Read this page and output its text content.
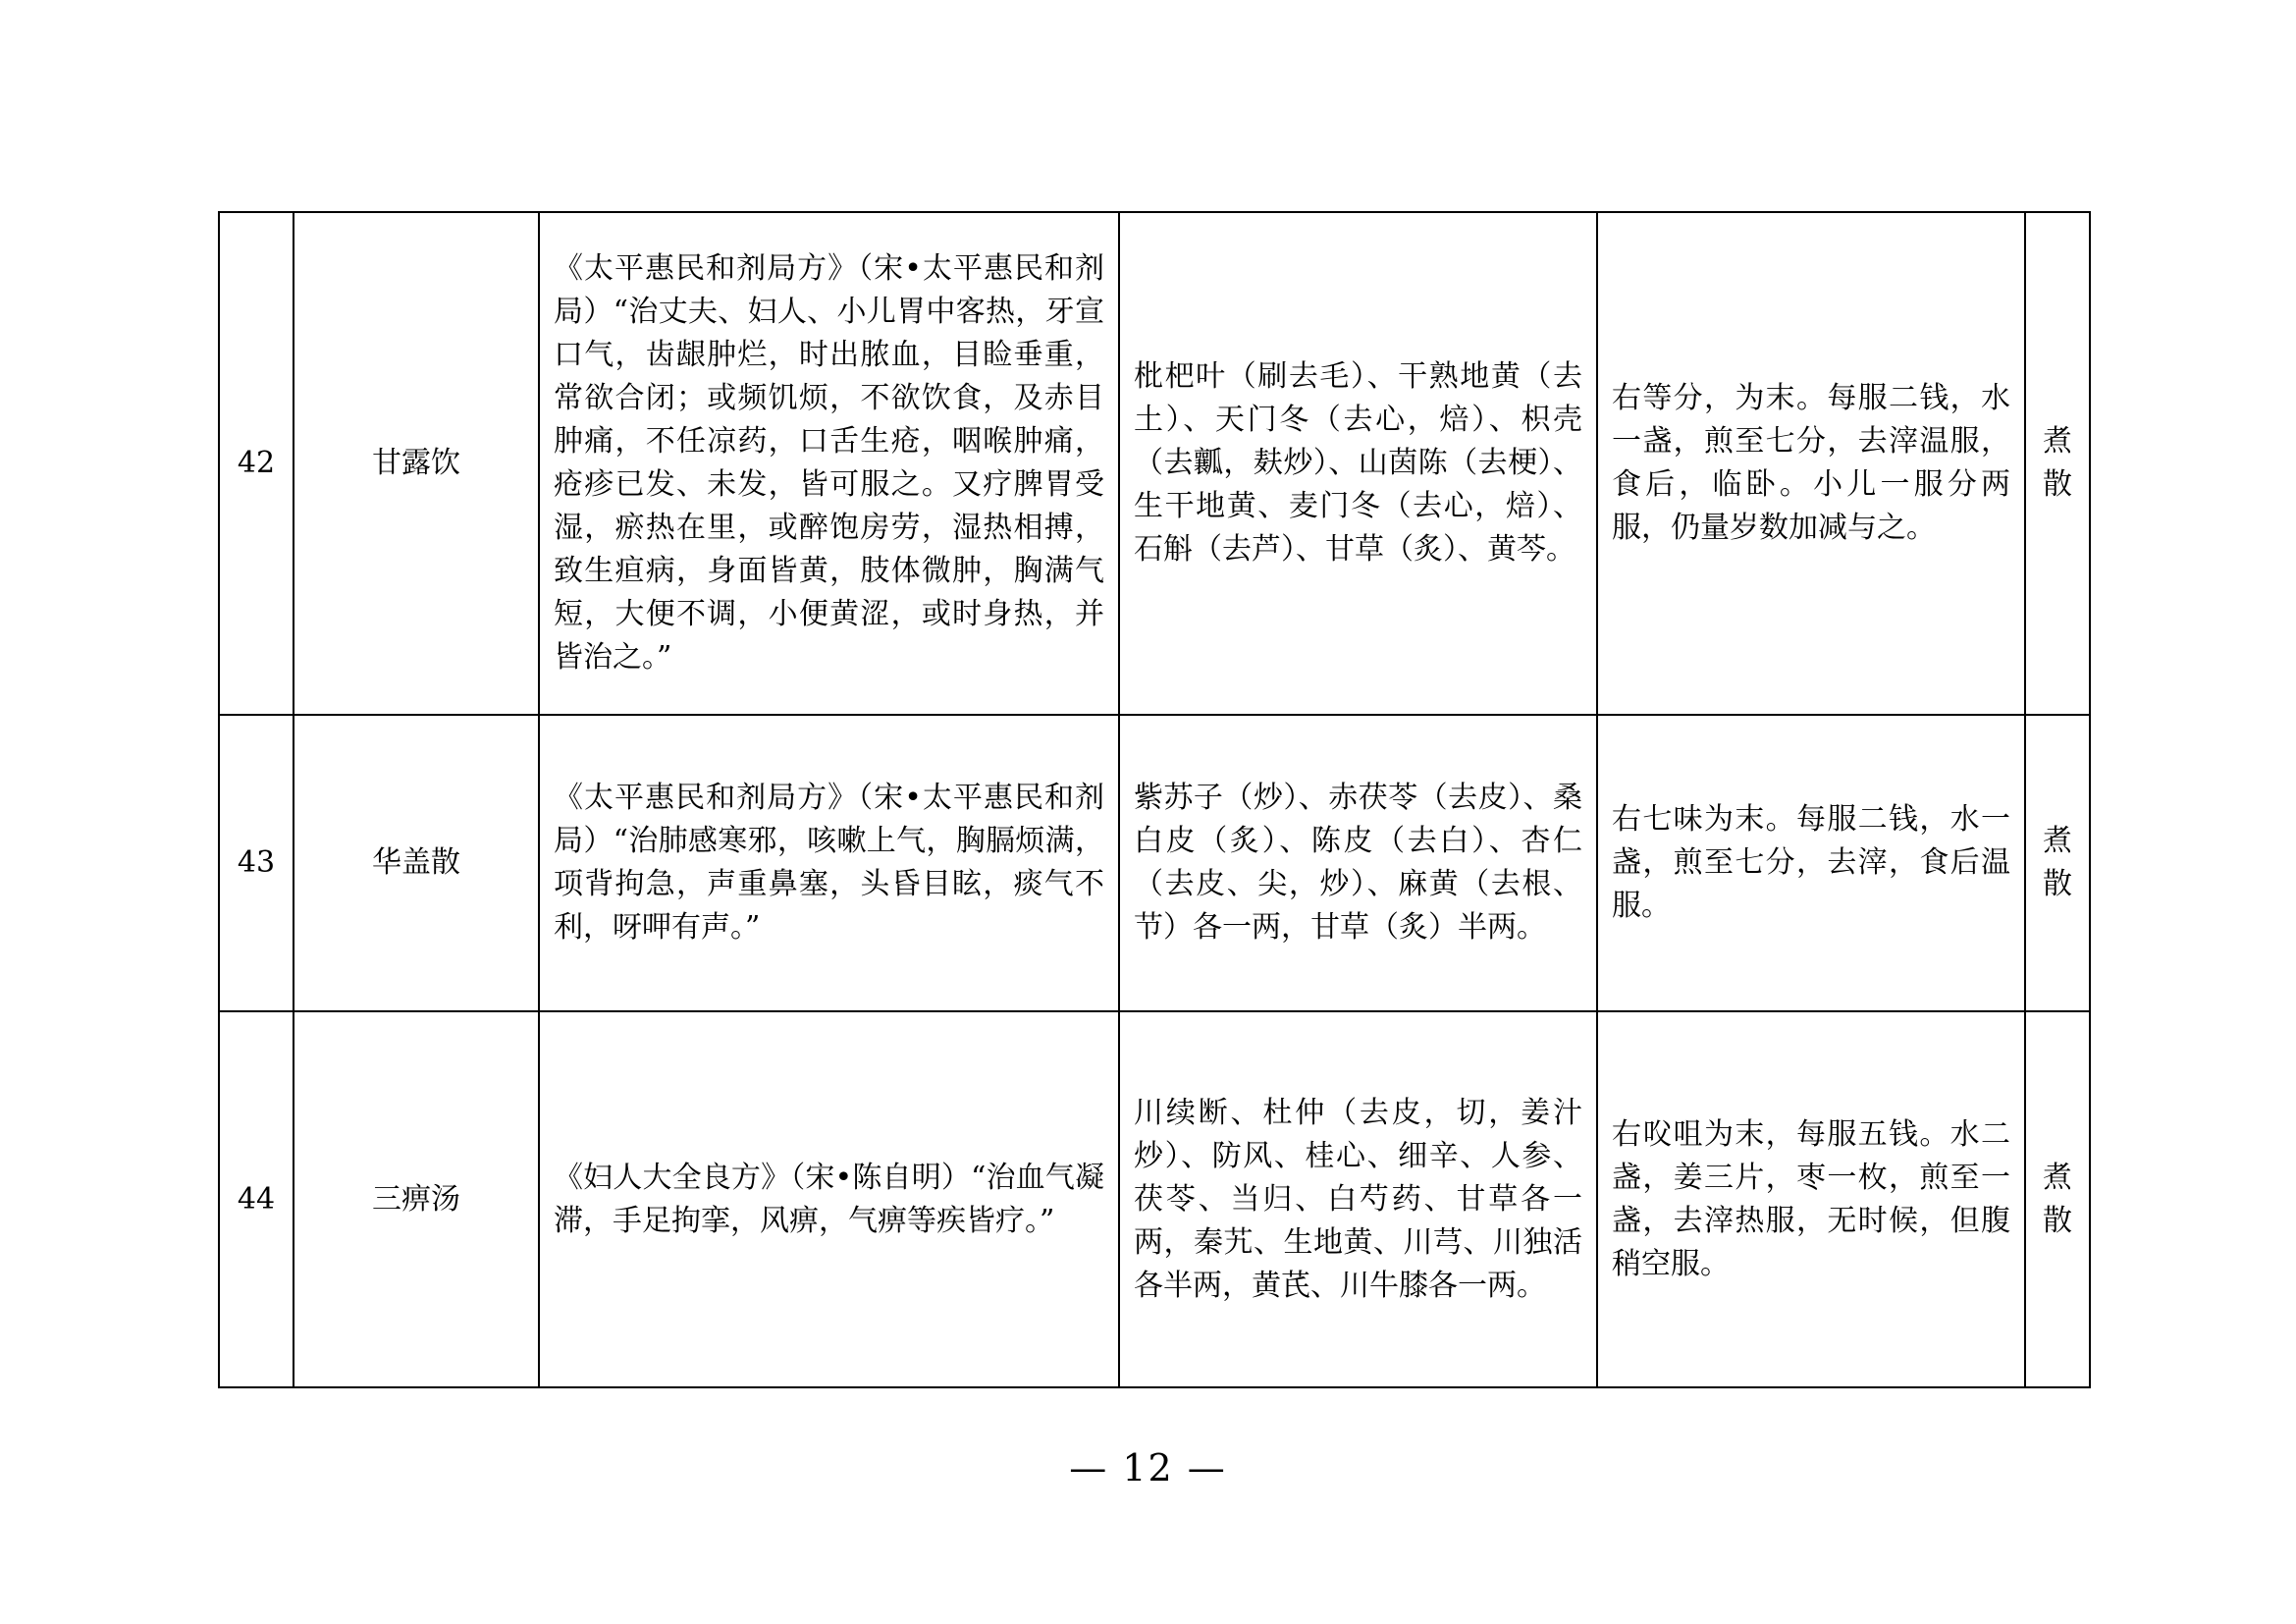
42	甘露饮	《太平惠民和剂局方》（宋•太平惠民和剂局）“治丈夫、妇人、小儿胃中客热，牙宣口气，齿龈肿烂，时出脓血，目睑垂重，常欲合闭；或频饥烦，不欲饮食，及赤目肿痛，不任凉药，口舌生疮，咽喉肿痛，疮疹已发、未发，皆可服之。又疗脾胃受湿，瘀热在里，或醉饱房劳，湿热相搏，致生疸病，身面皆黄，肢体微肿，胸满气短，大便不调，小便黄涩，或时身热，并皆治之。”	枇杷叶（刷去毛）、干熟地黄（去土）、天门冬（去心，焙）、枳壳（去瓤，麸炒）、山茵陈（去梗）、生干地黄、麦门冬（去心，焙）、石斛（去芦）、甘草（炙）、黄芩。	右等分，为末。每服二钱，水一盏，煎至七分，去滓温服，食后，临卧。小儿一服分两服，仍量岁数加减与之。	煮散
43	华盖散	《太平惠民和剂局方》（宋•太平惠民和剂局）“治肺感寒邪，咳嗽上气，胸膈烦满，项背拘急，声重鼻塞，头昏目眩，痰气不利，呀呷有声。”	紫苏子（炒）、赤茯苓（去皮）、桑白皮（炙）、陈皮（去白）、杏仁（去皮、尖，炒）、麻黄（去根、节）各一两，甘草（炙）半两。	右七味为末。每服二钱，水一盏，煎至七分，去滓，食后温服。	煮散
44	三痹汤	《妇人大全良方》（宋•陈自明）“治血气凝滞，手足拘挛，风痹，气痹等疾皆疗。”	川续断、杜仲（去皮，切，姜汁炒）、防风、桂心、细辛、人参、茯苓、当归、白芍药、甘草各一两，秦艽、生地黄、川芎、川独活各半两，黄芪、川牛膝各一两。	右㕮咀为末，每服五钱。水二盏，姜三片，枣一枚，煎至一盏，去滓热服，无时候，但腹稍空服。	煮散
— 12 —
